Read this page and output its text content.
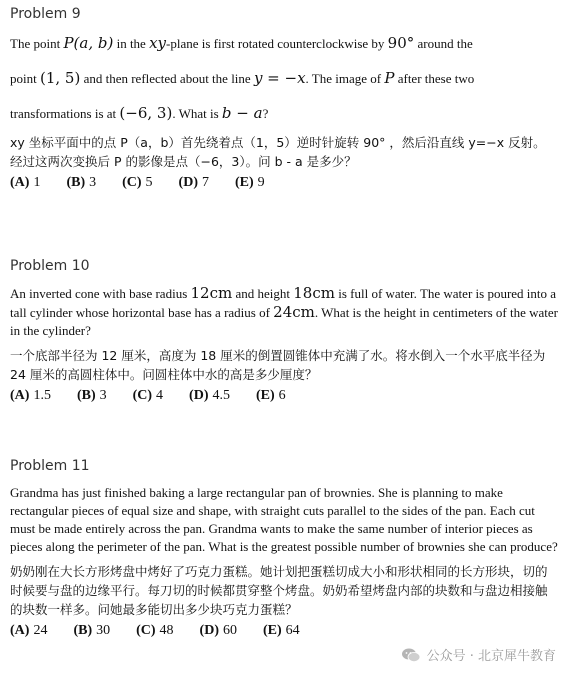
Problem 9
The point P(a, b) in the xy-plane is first rotated counterclockwise by 90° around the
point (1, 5) and then reflected about the line y = −x. The image of P after these two
transformations is at (−6, 3). What is b − a?
xy 坐标平面中的点 P（a，b）首先绕着点（1，5）逆时针旋转 90° ，然后沿直线 y=−x 反射。经过这两次变换后 P 的影像是点（−6，3）。问 b - a 是多少？
(A) 1 (B) 3 (C) 5 (D) 7 (E) 9
Problem 10
An inverted cone with base radius 12cm and height 18cm is full of water. The water is poured into a tall cylinder whose horizontal base has a radius of 24cm. What is the height in centimeters of the water in the cylinder?
一个底部半径为 12 厘米，高度为 18 厘米的倒置圆锥体中充满了水。将水倒入一个水平底半径为 24 厘米的高圆柱体中。问圆柱体中水的高是多少厘度？
(A) 1.5 (B) 3 (C) 4 (D) 4.5 (E) 6
Problem 11
Grandma has just finished baking a large rectangular pan of brownies. She is planning to make rectangular pieces of equal size and shape, with straight cuts parallel to the sides of the pan. Each cut must be made entirely across the pan. Grandma wants to make the same number of interior pieces as pieces along the perimeter of the pan. What is the greatest possible number of brownies she can produce?
奶奶刚在大长方形烤盘中烤好了巧克力蛋糕。她计划把蛋糕切成大小和形状相同的长方形块，切的时候要与盘的边缘平行。每刀切的时候都贯穿整个烤盘。奶奶希望烤盘内部的块数和与盘边相接触的块数一样多。问她最多能切出多少块巧克力蛋糕？
(A) 24 (B) 30 (C) 48 (D) 60 (E) 64
公众号 · 北京犀牛教育
